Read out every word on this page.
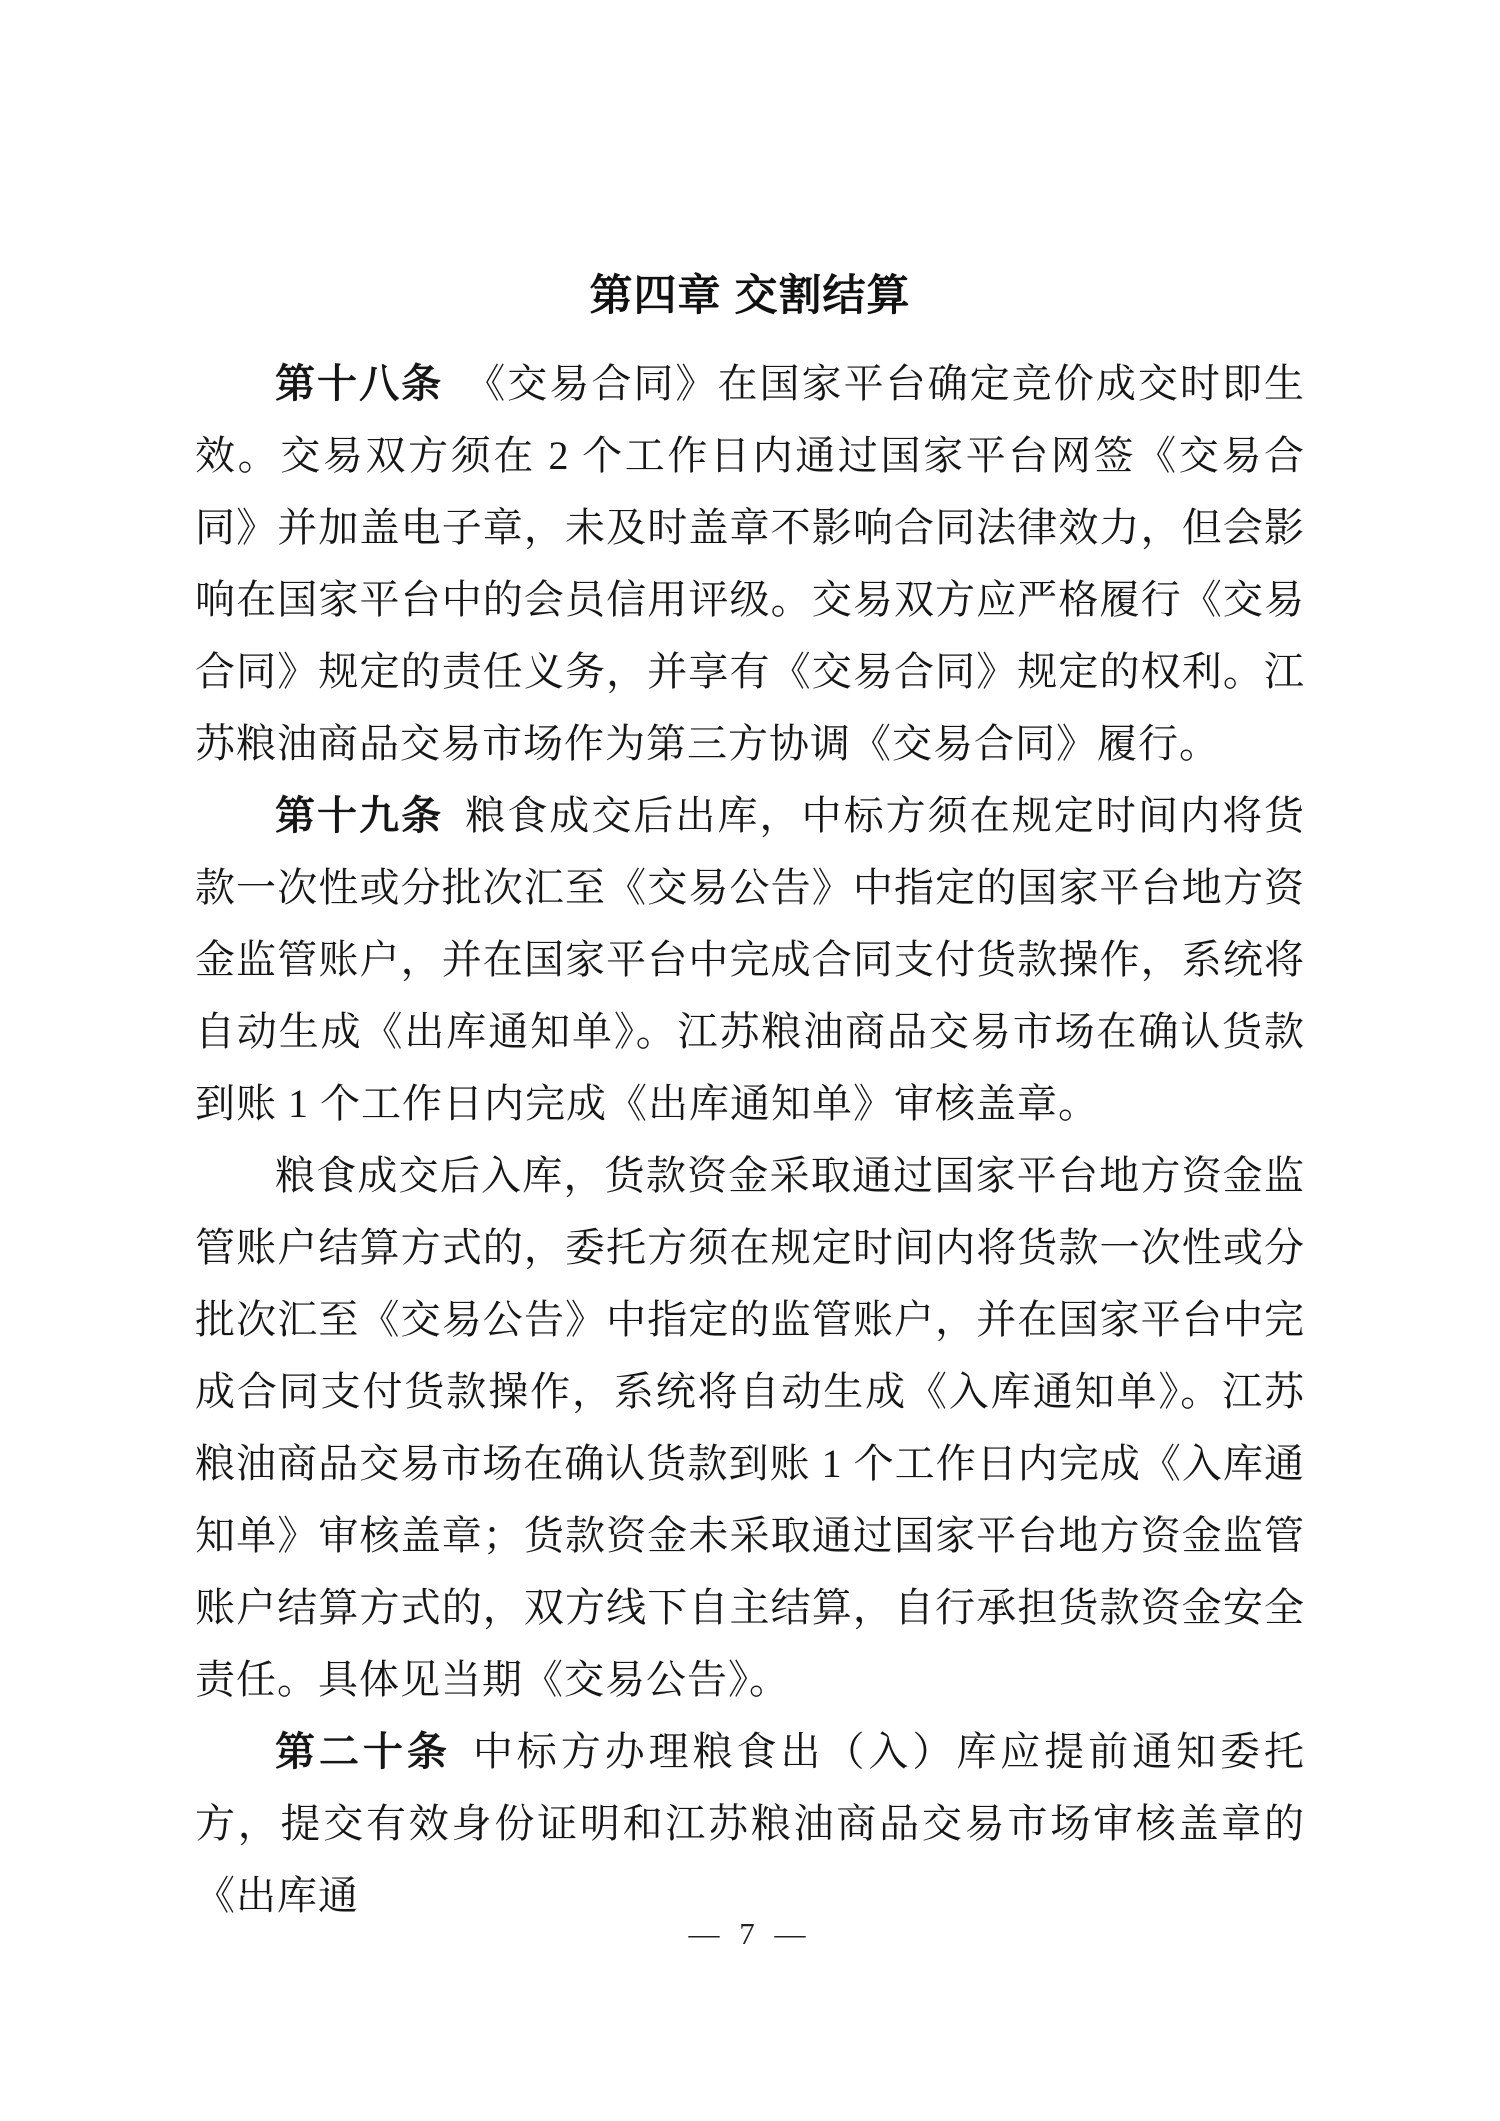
第四章 交割结算

第十八条 《交易合同》在国家平台确定竞价成交时即生效。交易双方须在 2 个工作日内通过国家平台网签《交易合同》并加盖电子章，未及时盖章不影响合同法律效力，但会影响在国家平台中的会员信用评级。交易双方应严格履行《交易合同》规定的责任义务，并享有《交易合同》规定的权利。江苏粮油商品交易市场作为第三方协调《交易合同》履行。

第十九条 粮食成交后出库，中标方须在规定时间内将货款一次性或分批次汇至《交易公告》中指定的国家平台地方资金监管账户，并在国家平台中完成合同支付货款操作，系统将自动生成《出库通知单》。江苏粮油商品交易市场在确认货款到账 1 个工作日内完成《出库通知单》审核盖章。

粮食成交后入库，货款资金采取通过国家平台地方资金监管账户结算方式的，委托方须在规定时间内将货款一次性或分批次汇至《交易公告》中指定的监管账户，并在国家平台中完成合同支付货款操作，系统将自动生成《入库通知单》。江苏粮油商品交易市场在确认货款到账 1 个工作日内完成《入库通知单》审核盖章；货款资金未采取通过国家平台地方资金监管账户结算方式的，双方线下自主结算，自行承担货款资金安全责任。具体见当期《交易公告》。

第二十条 中标方办理粮食出（入）库应提前通知委托方，提交有效身份证明和江苏粮油商品交易市场审核盖章的《出库通

— 7 —
